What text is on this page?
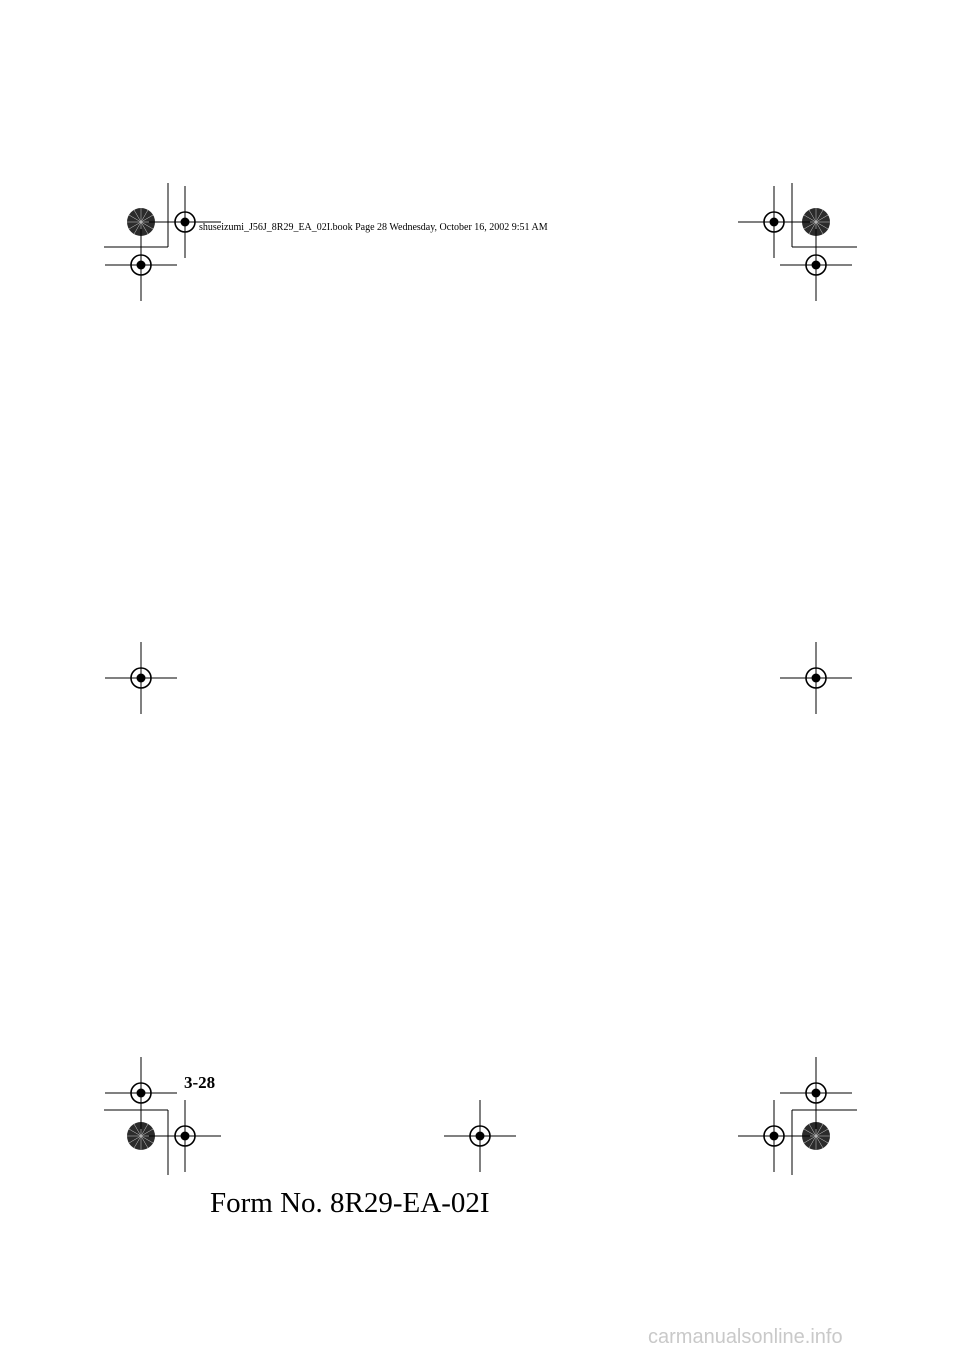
shuseizumi_J56J_8R29_EA_02I.book Page 28 Wednesday, October 16, 2002 9:51 AM
3-28
Form No. 8R29-EA-02I
carmanualsonline.info
